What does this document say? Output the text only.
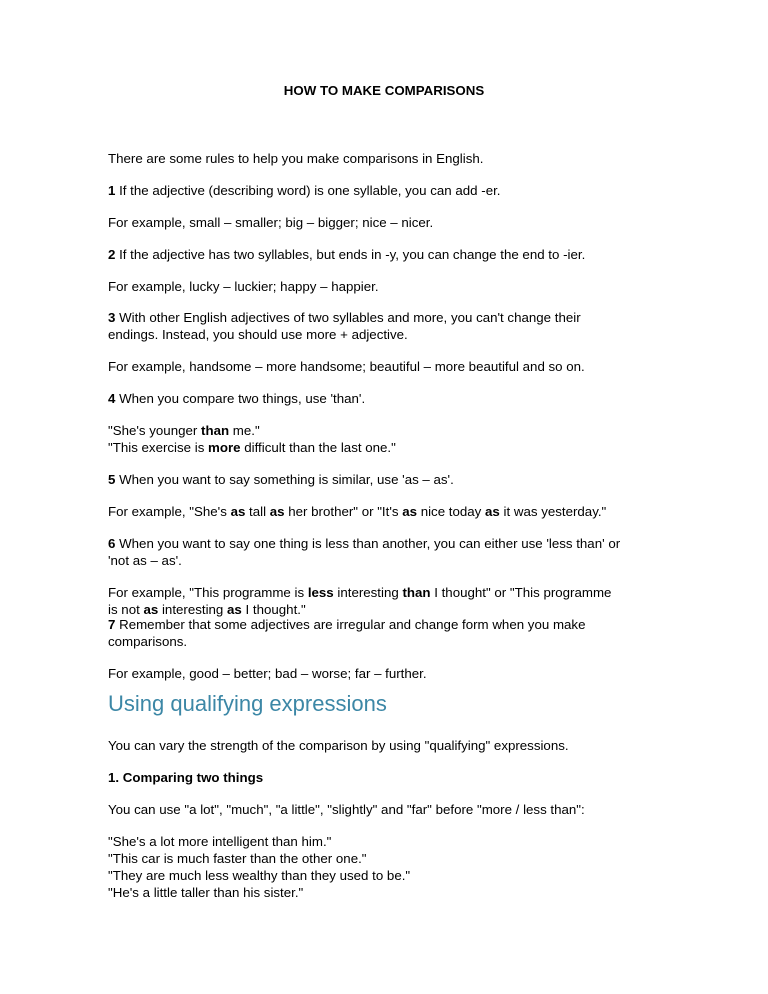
HOW TO MAKE COMPARISONS

There are some rules to help you make comparisons in English.

1 If the adjective (describing word) is one syllable, you can add -er.

For example, small – smaller; big – bigger; nice – nicer.

2 If the adjective has two syllables, but ends in -y, you can change the end to -ier.

For example, lucky – luckier; happy – happier.

3 With other English adjectives of two syllables and more, you can't change their

endings. Instead, you should use more + adjective.

For example, handsome – more handsome; beautiful – more beautiful and so on.

4 When you compare two things, use 'than'.

"She's younger than me."

"This exercise is more difficult than the last one."

5 When you want to say something is similar, use 'as – as'.

For example, "She's as tall as her brother" or "It's as nice today as it was yesterday."

6 When you want to say one thing is less than another, you can either use 'less than' or

'not as – as'.

For example, "This programme is less interesting than I thought" or "This programme

is not as interesting as I thought."

7 Remember that some adjectives are irregular and change form when you make

comparisons.

For example, good – better; bad – worse; far – further.

Using qualifying expressions

You can vary the strength of the comparison by using "qualifying" expressions.

1. Comparing two things

You can use "a lot", "much", "a little", "slightly" and "far" before "more / less than":

"She's a lot more intelligent than him."

"This car is much faster than the other one."

"They are much less wealthy than they used to be."

"He's a little taller than his sister."
